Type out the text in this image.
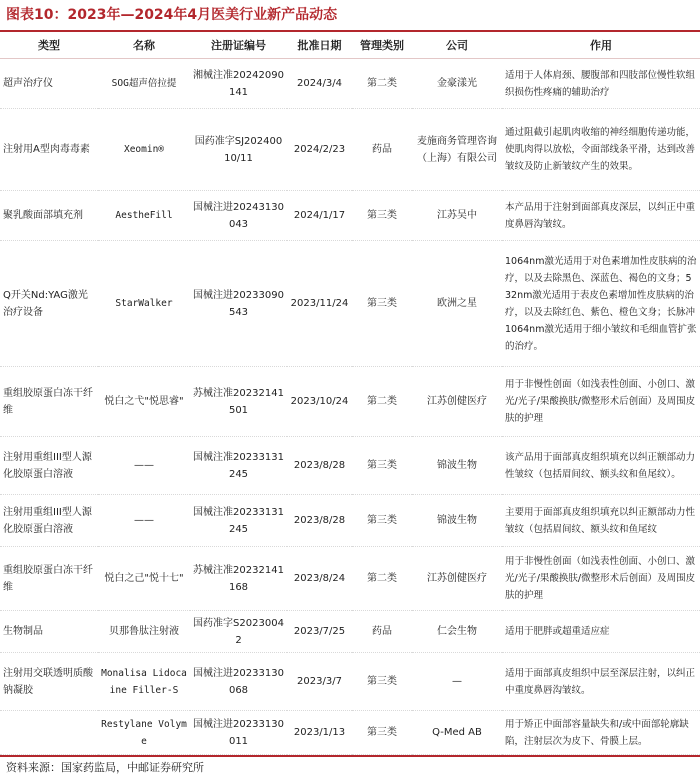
图表10：2023年—2024年4月医美行业新产品动态
类型	名称	注册证编号	批准日期	管理类别	公司	作用
超声治疗仪	SOG超声倍拉提	湘械注准20242090141	2024/3/4	第二类	金豪漾光	适用于人体肩颈、腰腹部和四肢部位慢性软组织损伤性疼痛的辅助治疗
注射用A型肉毒毒素	Xeomin®	国药准字SJ20240010/11	2024/2/23	药品	麦施商务管理咨询（上海）有限公司	通过阻截引起肌肉收缩的神经细胞传递功能，使肌肉得以放松，令面部线条平滑，达到改善皱纹及防止新皱纹产生的效果。
聚乳酸面部填充剂	AestheFill	国械注进20243130043	2024/1/17	第三类	江苏吴中	本产品用于注射到面部真皮深层，以纠正中重度鼻唇沟皱纹。
Q开关Nd:YAG激光治疗设备	StarWalker	国械注进20233090543	2023/11/24	第三类	欧洲之星	1064nm激光适用于对色素增加性皮肤病的治疗，以及去除黑色、深蓝色、褐色的文身；532nm激光适用于表皮色素增加性皮肤病的治疗，以及去除红色、紫色、橙色文身；长脉冲1064nm激光适用于细小皱纹和毛细血管扩张的治疗。
重组胶原蛋白冻干纤维	悦白之弋"悦思睿"	苏械注准20232141501	2023/10/24	第二类	江苏创健医疗	用于非慢性创面（如浅表性创面、小创口、激光/光子/果酸换肤/微整形术后创面）及周围皮肤的护理
注射用重组III型人源化胶原蛋白溶液	——	国械注准20233131245	2023/8/28	第三类	锦波生物	该产品用于面部真皮组织填充以纠正额部动力性皱纹（包括眉间纹、额头纹和鱼尾纹）。
注射用重组III型人源化胶原蛋白溶液	——	国械注准20233131245	2023/8/28	第三类	锦波生物	主要用于面部真皮组织填充以纠正额部动力性皱纹（包括眉间纹、额头纹和鱼尾纹
重组胶原蛋白冻干纤维	悦白之己"悦十七"	苏械注准20232141168	2023/8/24	第二类	江苏创健医疗	用于非慢性创面（如浅表性创面、小创口、激光/光子/果酸换肤/微整形术后创面）及周围皮肤的护理
生物制品	贝那鲁肽注射液	国药准字S20230042	2023/7/25	药品	仁会生物	适用于肥胖或超重适应症
注射用交联透明质酸钠凝胶	Monalisa Lidocaine Filler-S	国械注进20233130068	2023/3/7	第三类	—	适用于面部真皮组织中层至深层注射，以纠正中重度鼻唇沟皱纹。
	Restylane Volyme	国械注进20233130011	2023/1/13	第三类	Q-Med AB	用于矫正中面部容量缺失和/或中面部轮廓缺陷，注射层次为皮下、骨膜上层。
资料来源：国家药监局，中邮证券研究所
